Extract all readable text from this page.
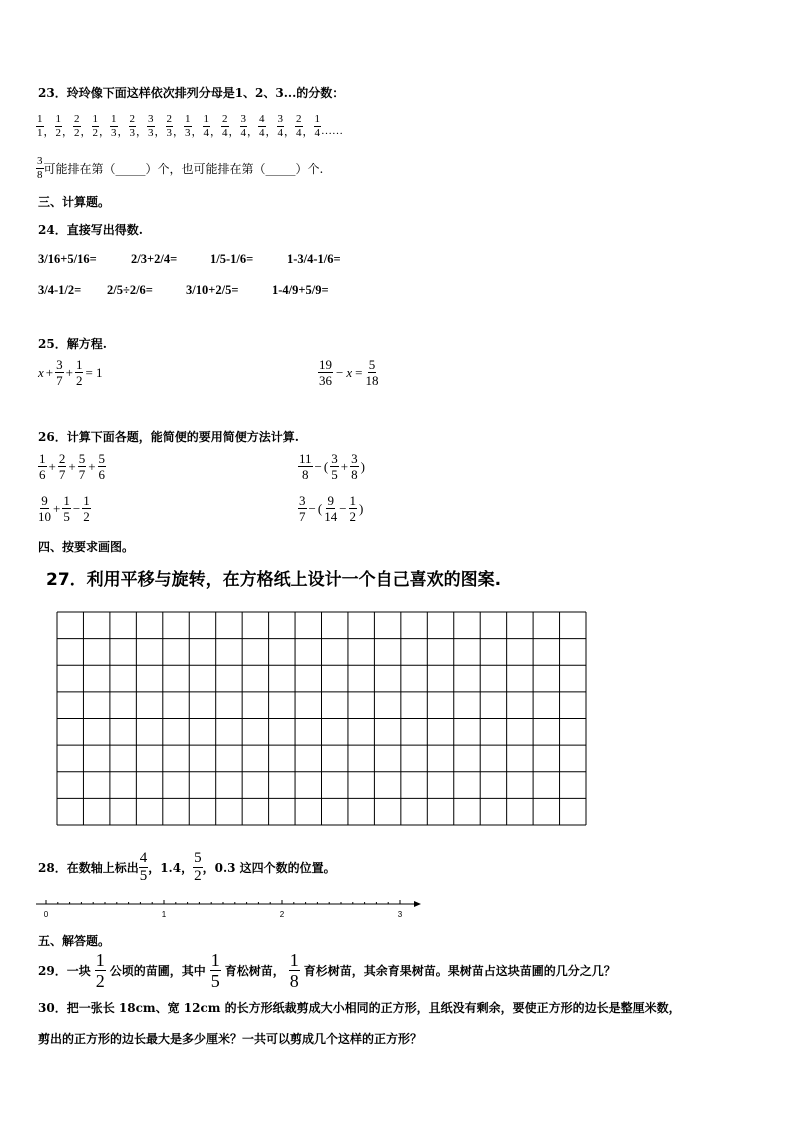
23．玲玲像下面这样依次排列分母是1、2、3...的分数：
$\frac{1}{1}$ ， $\frac{1}{2}$ ， $\frac{2}{2}$ ， $\frac{1}{2}$ ， $\frac{1}{3}$ ， $\frac{2}{3}$ ， $\frac{3}{3}$ ， $\frac{2}{3}$ ， $\frac{1}{3}$ ， $\frac{1}{4}$ ， $\frac{2}{4}$ ， $\frac{3}{4}$ ， $\frac{4}{4}$ ， $\frac{3}{4}$ ， $\frac{2}{4}$ ， $\frac{1}{4}$ ……
$\frac{3}{8}$ 可能排在第（ _____ ）个，也可能排在第（ _____ ）个.
三、计算题。
24．直接写出得数.
3/16+5/16=	2/3+2/4=	1/5-1/6=	1-3/4-1/6=
3/4-1/2= 2/5÷2/6=	3/10+2/5=	1-4/9+5/9=
25．解方程.
$x + \frac{3}{7} + \frac{1}{2} = 1$	$\frac{19}{36} - x = \frac{5}{18}$
26．计算下面各题，能简便的要用简便方法计算.
$\frac{1}{6} + \frac{2}{7} + \frac{5}{7} + \frac{5}{6}$	$\frac{11}{8}$ − ( $\frac{3}{5} + \frac{3}{8}$ )
$\frac{9}{10} + \frac{1}{5} - \frac{1}{2}$	$\frac{3}{7}$ − ( $\frac{9}{14} - \frac{1}{2}$ )
四、按要求画图。
27．利用平移与旋转，在方格纸上设计一个自己喜欢的图案.
28．在数轴上标出 $\frac{4}{5}$ ，1.4， $\frac{5}{2}$ ，0.3 这四个数的位置。
0	1	2	3
五、解答题。
29．一块 $\frac{1}{2}$ 公顷的苗圃，其中 $\frac{1}{5}$ 育松树苗， $\frac{1}{8}$ 育杉树苗，其余育果树苗。果树苗占这块苗圃的几分之几？
30．把一张长 18cm、宽 12cm 的长方形纸裁剪成大小相同的正方形，且纸没有剩余，要使正方形的边长是整厘米数，
剪出的正方形的边长最大是多少厘米？一共可以剪成几个这样的正方形？
